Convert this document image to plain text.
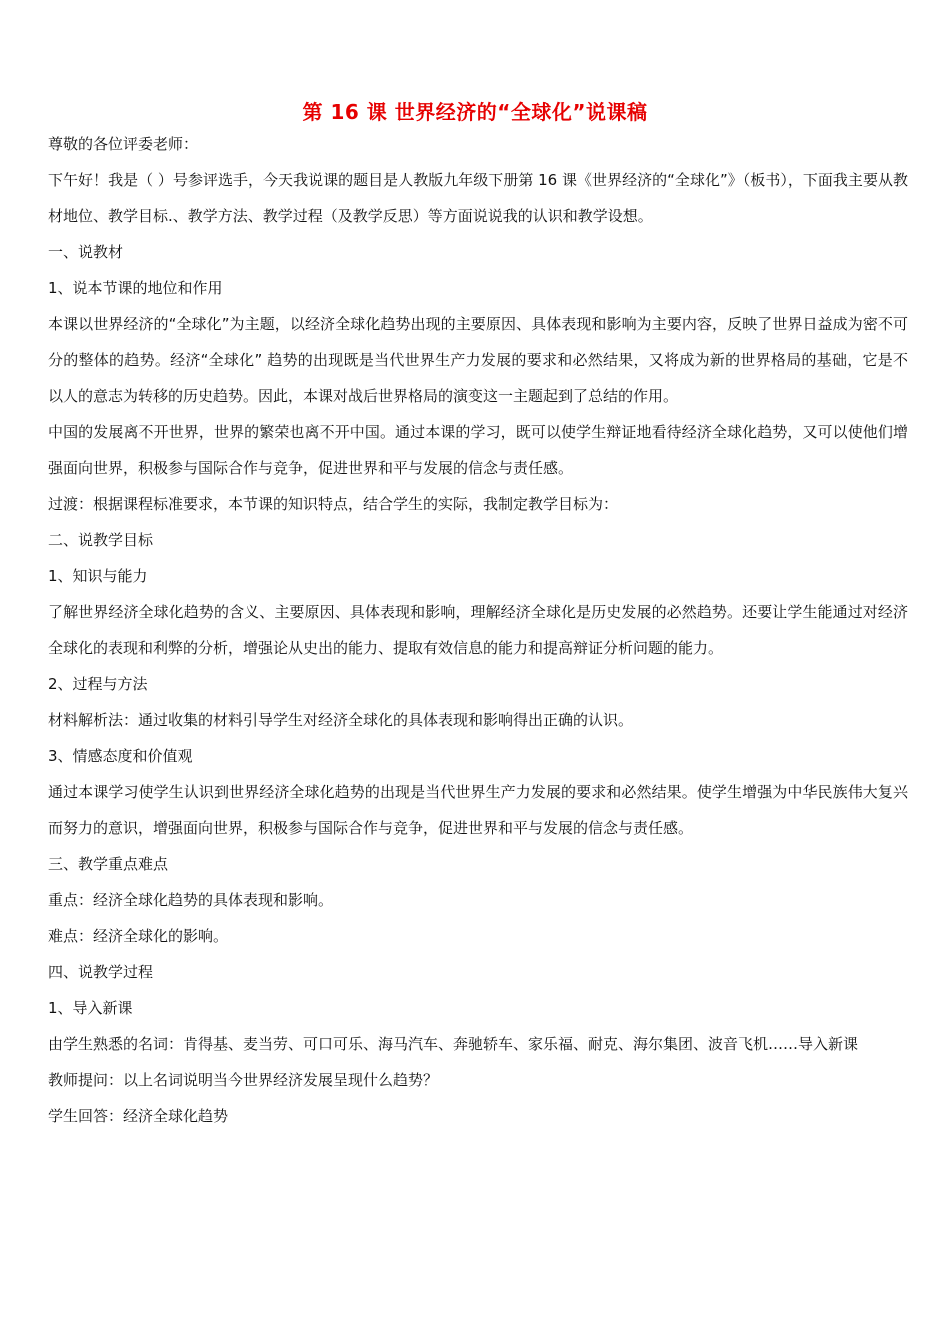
第 16 课 世界经济的“全球化”说课稿

尊敬的各位评委老师：

下午好！我是（ ）号参评选手，今天我说课的题目是人教版九年级下册第 16 课《世界经济的“全球化”》（板书），下面我主要从教材地位、教学目标.、教学方法、教学过程（及教学反思）等方面说说我的认识和教学设想。

一、说教材

1、说本节课的地位和作用

本课以世界经济的“全球化”为主题，以经济全球化趋势出现的主要原因、具体表现和影响为主要内容，反映了世界日益成为密不可分的整体的趋势。经济“全球化” 趋势的出现既是当代世界生产力发展的要求和必然结果，又将成为新的世界格局的基础，它是不以人的意志为转移的历史趋势。因此，本课对战后世界格局的演变这一主题起到了总结的作用。

中国的发展离不开世界，世界的繁荣也离不开中国。通过本课的学习，既可以使学生辩证地看待经济全球化趋势，又可以使他们增强面向世界，积极参与国际合作与竞争，促进世界和平与发展的信念与责任感。

过渡：根据课程标准要求，本节课的知识特点，结合学生的实际，我制定教学目标为：

二、说教学目标

1、知识与能力

了解世界经济全球化趋势的含义、主要原因、具体表现和影响，理解经济全球化是历史发展的必然趋势。还要让学生能通过对经济全球化的表现和利弊的分析，增强论从史出的能力、提取有效信息的能力和提高辩证分析问题的能力。

2、过程与方法

材料解析法：通过收集的材料引导学生对经济全球化的具体表现和影响得出正确的认识。

3、情感态度和价值观

通过本课学习使学生认识到世界经济全球化趋势的出现是当代世界生产力发展的要求和必然结果。使学生增强为中华民族伟大复兴而努力的意识，增强面向世界，积极参与国际合作与竞争，促进世界和平与发展的信念与责任感。

三、教学重点难点

重点：经济全球化趋势的具体表现和影响。

难点：经济全球化的影响。

四、说教学过程

1、导入新课

由学生熟悉的名词：肯得基、麦当劳、可口可乐、海马汽车、奔驰轿车、家乐福、耐克、海尔集团、波音飞机……导入新课

教师提问：以上名词说明当今世界经济发展呈现什么趋势？

学生回答：经济全球化趋势
